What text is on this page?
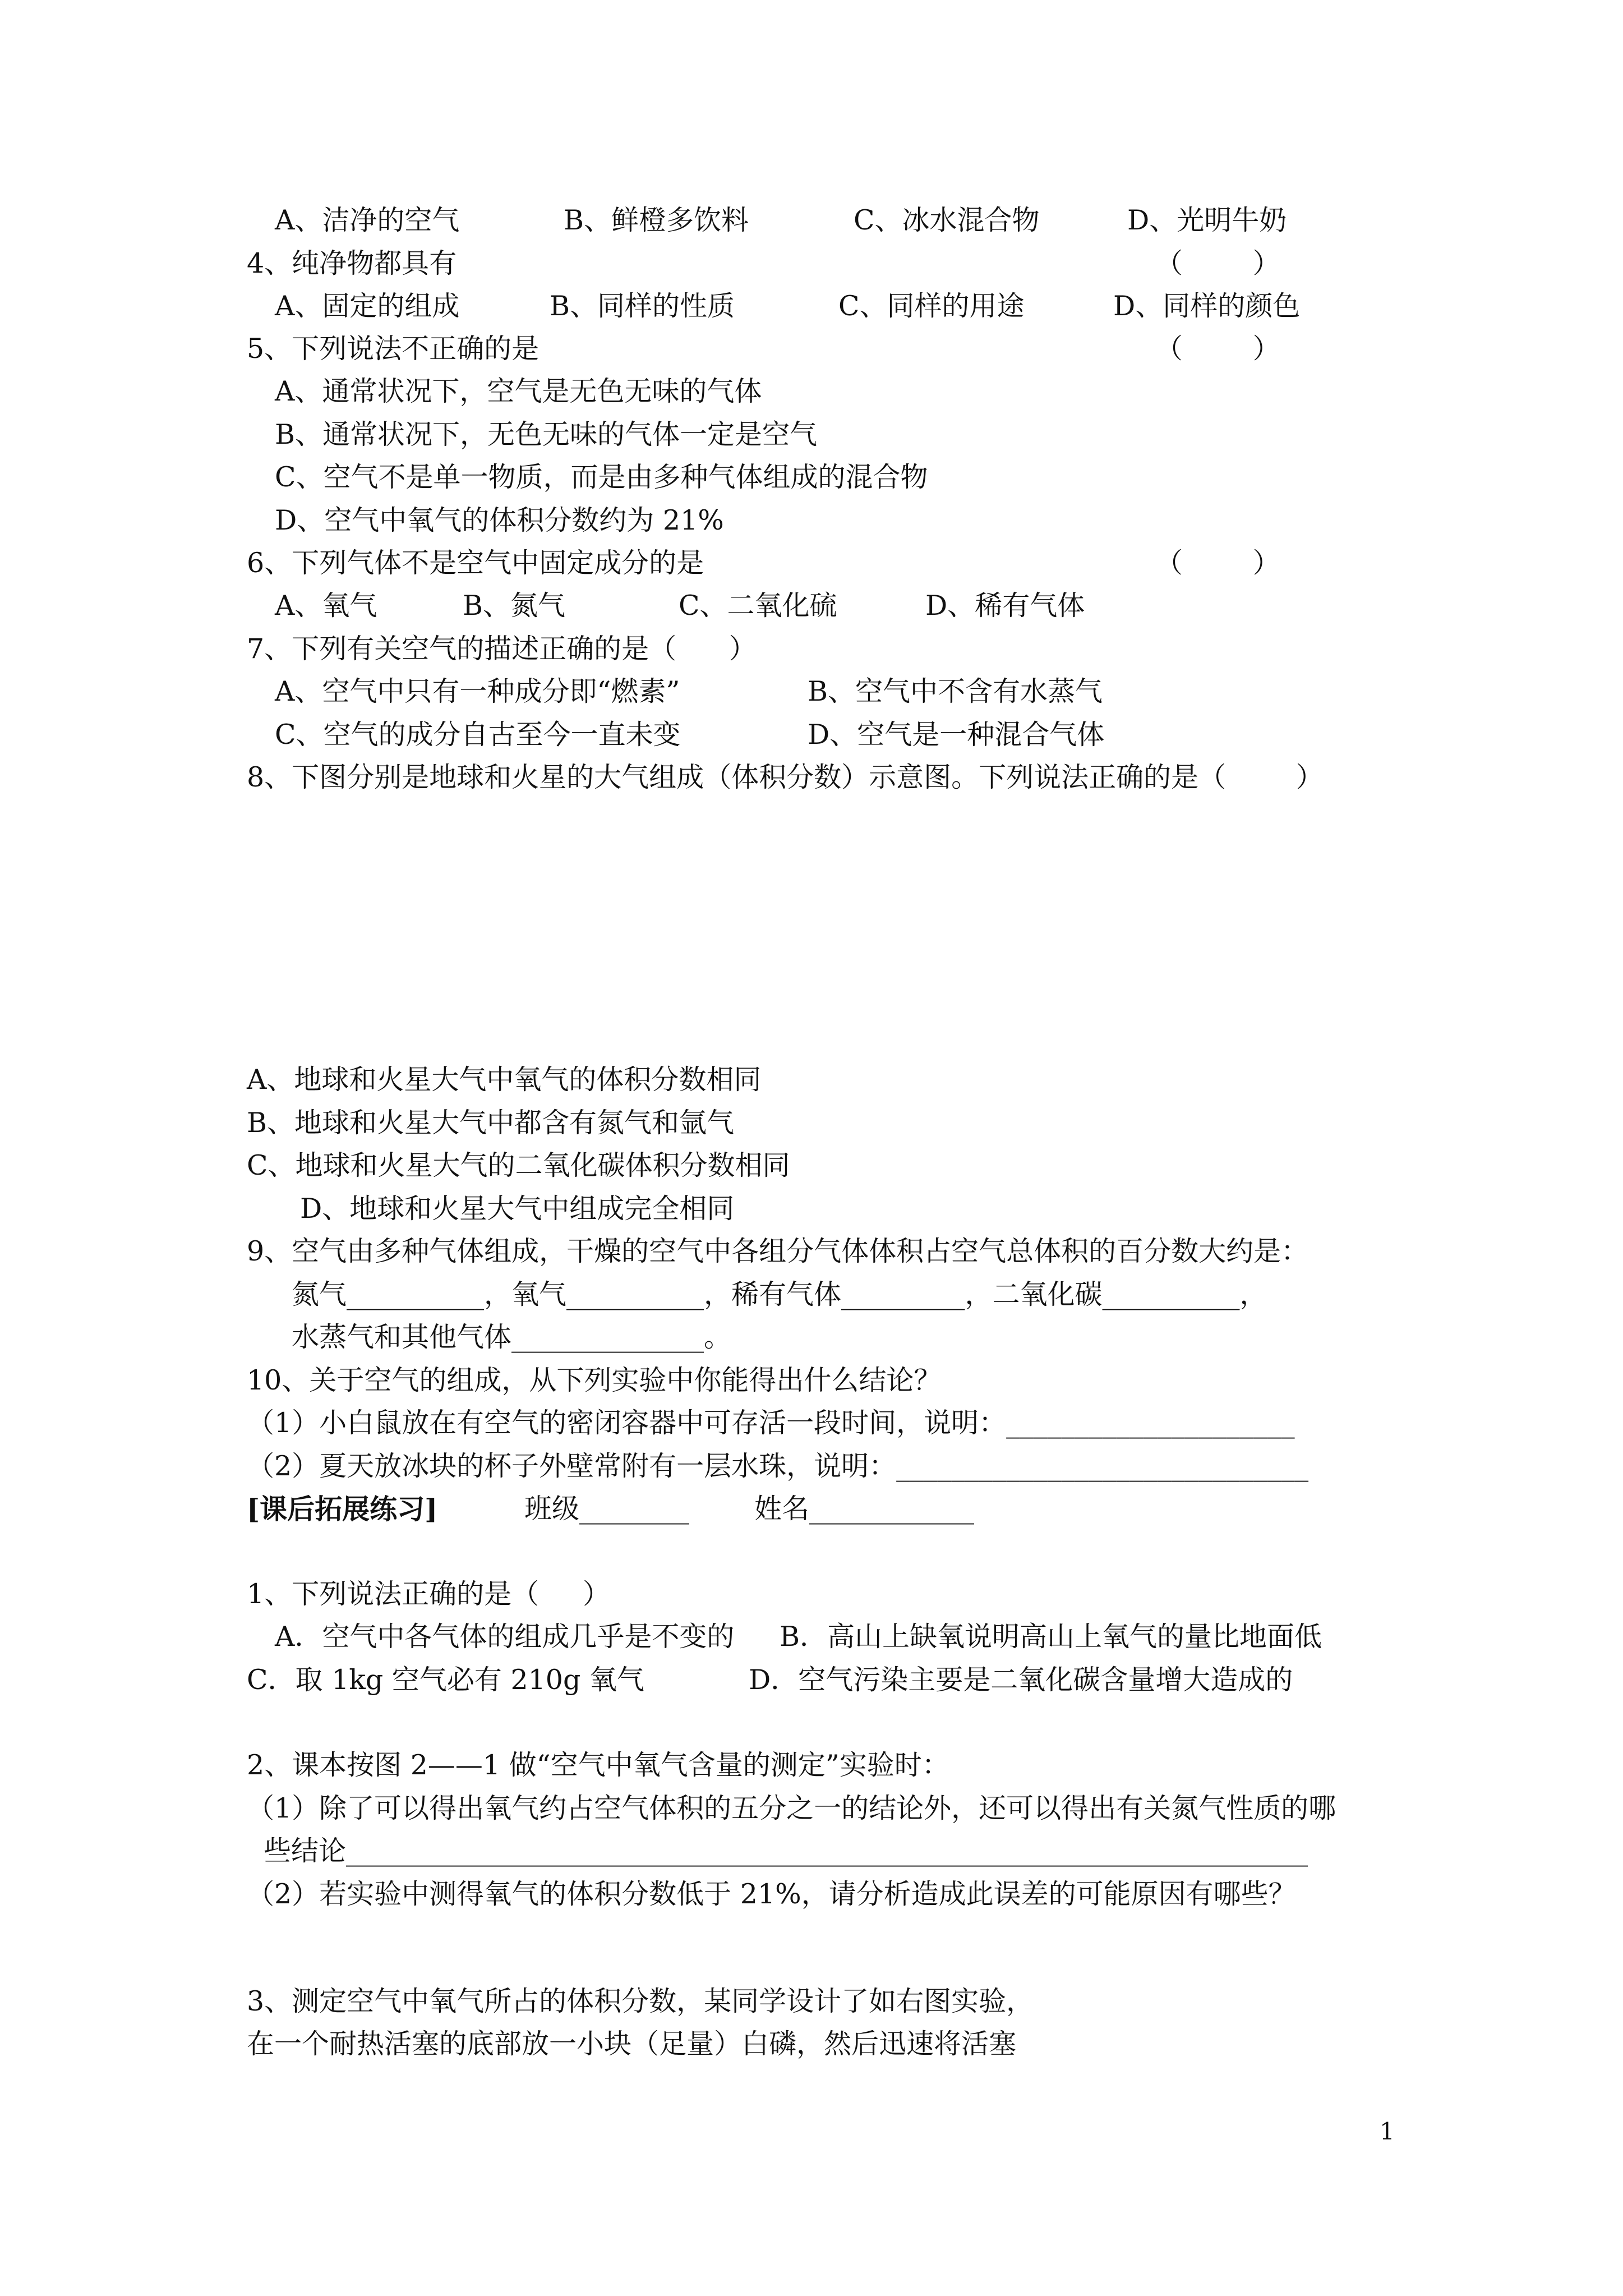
A、洁净的空气	B、鲜橙多饮料	C、冰水混合物	D、光明牛奶
4、纯净物都具有	（        ）
A、固定的组成	B、同样的性质	C、同样的用途	D、同样的颜色
5、下列说法不正确的是	（        ）
A、通常状况下，空气是无色无味的气体
B、通常状况下，无色无味的气体一定是空气
C、空气不是单一物质，而是由多种气体组成的混合物
D、空气中氧气的体积分数约为 21%
6、下列气体不是空气中固定成分的是	（        ）
A、氧气	B、氮气	C、二氧化硫	D、稀有气体
7、下列有关空气的描述正确的是（      ）
A、空气中只有一种成分即“燃素”	B、空气中不含有水蒸气
C、空气的成分自古至今一直未变	D、空气是一种混合气体
8、下图分别是地球和火星的大气组成（体积分数）示意图。下列说法正确的是（        ）
A、地球和火星大气中氧气的体积分数相同
B、地球和火星大气中都含有氮气和氩气
C、地球和火星大气的二氧化碳体积分数相同
D、地球和火星大气中组成完全相同
9、空气由多种气体组成，干燥的空气中各组分气体体积占空气总体积的百分数大约是：
氮气__________，氧气__________，稀有气体_________，二氧化碳__________，
水蒸气和其他气体______________。
10、关于空气的组成，从下列实验中你能得出什么结论？
（1）小白鼠放在有空气的密闭容器中可存活一段时间，说明：_____________________
（2）夏天放冰块的杯子外壁常附有一层水珠，说明：______________________________
[课后拓展练习]	班级________ 姓名____________
1、下列说法正确的是（     ）
A．空气中各气体的组成几乎是不变的 B．高山上缺氧说明高山上氧气的量比地面低
C．取 1kg 空气必有 210g 氧气	D．空气污染主要是二氧化碳含量增大造成的
2、课本按图 2——1 做“空气中氧气含量的测定”实验时：
（1）除了可以得出氧气约占空气体积的五分之一的结论外，还可以得出有关氮气性质的哪
些结论______________________________________________________________________
（2）若实验中测得氧气的体积分数低于 21%，请分析造成此误差的可能原因有哪些？
3、测定空气中氧气所占的体积分数，某同学设计了如右图实验，
在一个耐热活塞的底部放一小块（足量）白磷，然后迅速将活塞
1
